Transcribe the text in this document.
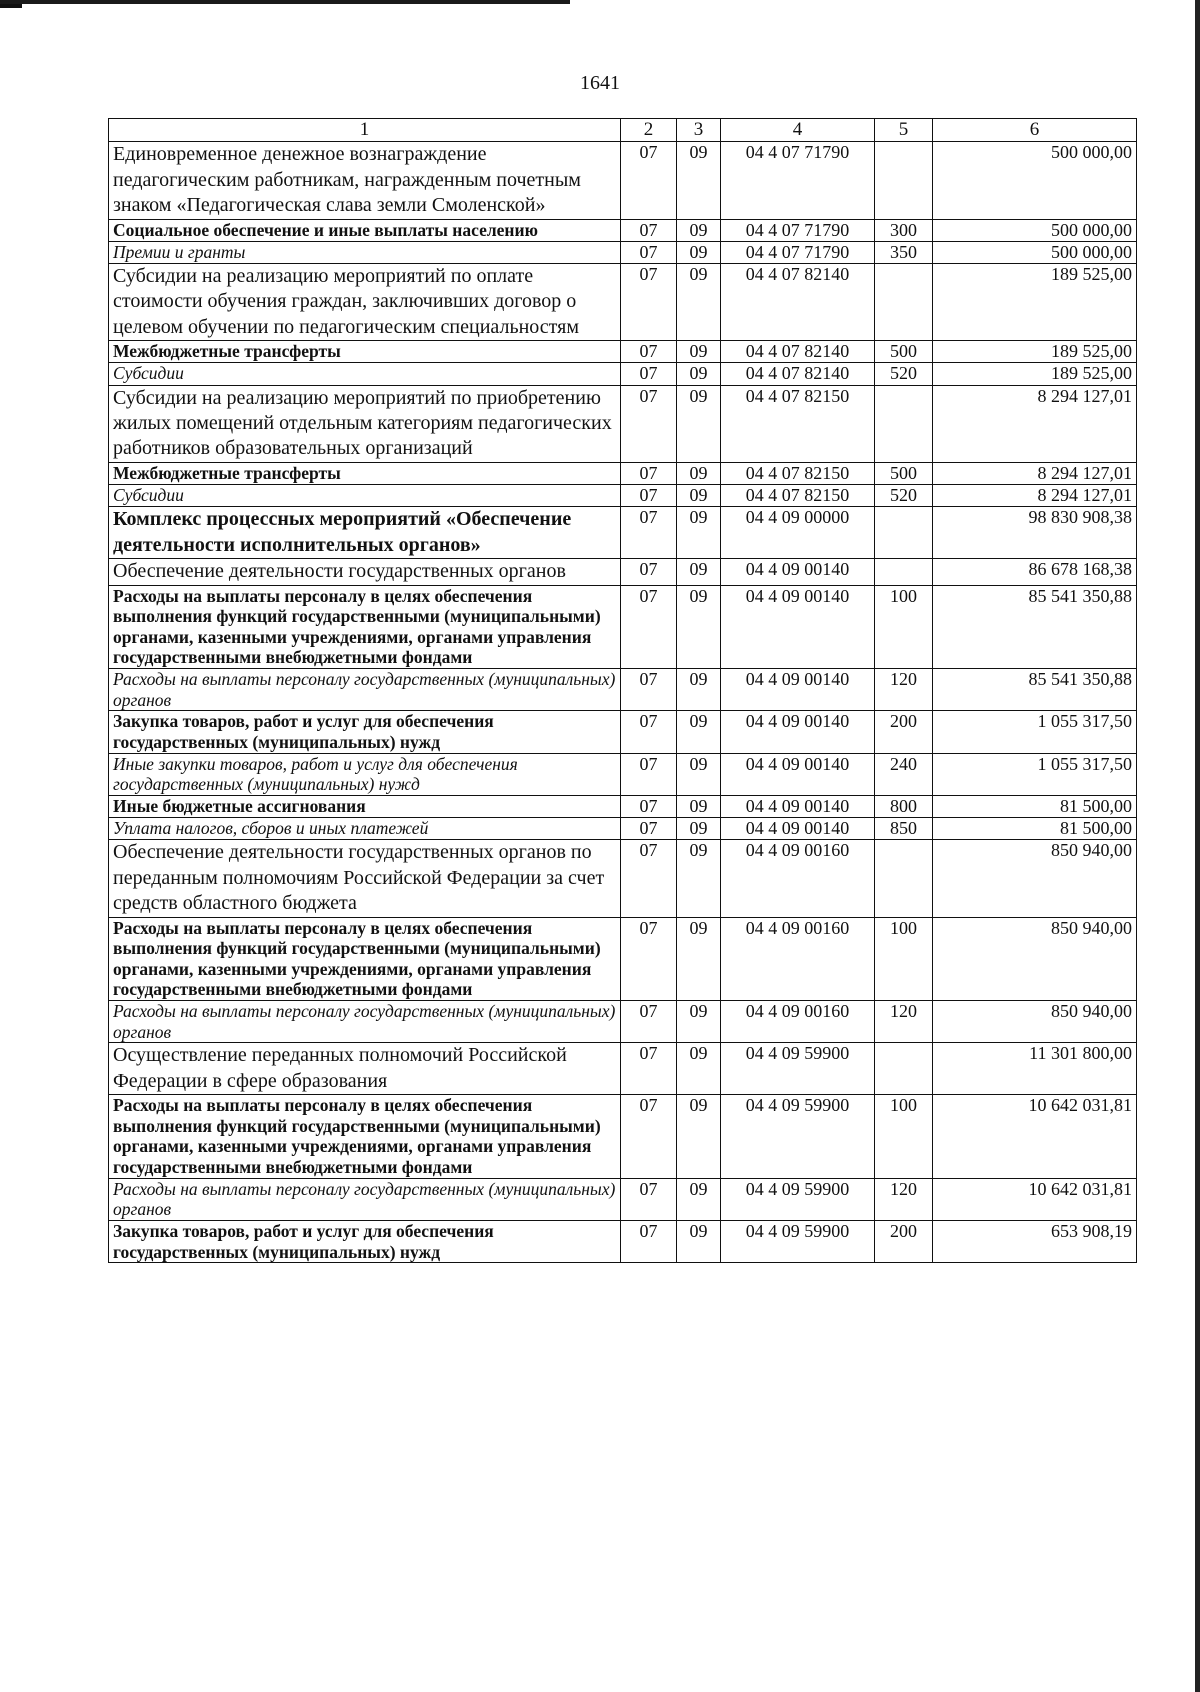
1641
1	2	3	4	5	6
Единовременное денежное вознаграждение педагогическим работникам, награжденным почетным знаком «Педагогическая слава земли Смоленской»	07	09	04 4 07 71790		500 000,00
Социальное обеспечение и иные выплаты населению	07	09	04 4 07 71790	300	500 000,00
Премии и гранты	07	09	04 4 07 71790	350	500 000,00
Субсидии на реализацию мероприятий по оплате стоимости обучения граждан, заключивших договор о целевом обучении по педагогическим специальностям	07	09	04 4 07 82140		189 525,00
Межбюджетные трансферты	07	09	04 4 07 82140	500	189 525,00
Субсидии	07	09	04 4 07 82140	520	189 525,00
Субсидии на реализацию мероприятий по приобретению жилых помещений отдельным категориям педагогических работников образовательных организаций	07	09	04 4 07 82150		8 294 127,01
Межбюджетные трансферты	07	09	04 4 07 82150	500	8 294 127,01
Субсидии	07	09	04 4 07 82150	520	8 294 127,01
Комплекс процессных мероприятий «Обеспечение деятельности исполнительных органов»	07	09	04 4 09 00000		98 830 908,38
Обеспечение деятельности государственных органов	07	09	04 4 09 00140		86 678 168,38
Расходы на выплаты персоналу в целях обеспечения выполнения функций государственными (муниципальными) органами, казенными учреждениями, органами управления государственными внебюджетными фондами	07	09	04 4 09 00140	100	85 541 350,88
Расходы на выплаты персоналу государственных (муниципальных) органов	07	09	04 4 09 00140	120	85 541 350,88
Закупка товаров, работ и услуг для обеспечения государственных (муниципальных) нужд	07	09	04 4 09 00140	200	1 055 317,50
Иные закупки товаров, работ и услуг для обеспечения государственных (муниципальных) нужд	07	09	04 4 09 00140	240	1 055 317,50
Иные бюджетные ассигнования	07	09	04 4 09 00140	800	81 500,00
Уплата налогов, сборов и иных платежей	07	09	04 4 09 00140	850	81 500,00
Обеспечение деятельности государственных органов по переданным полномочиям Российской Федерации за счет средств областного бюджета	07	09	04 4 09 00160		850 940,00
Расходы на выплаты персоналу в целях обеспечения выполнения функций государственными (муниципальными) органами, казенными учреждениями, органами управления государственными внебюджетными фондами	07	09	04 4 09 00160	100	850 940,00
Расходы на выплаты персоналу государственных (муниципальных) органов	07	09	04 4 09 00160	120	850 940,00
Осуществление переданных полномочий Российской Федерации в сфере образования	07	09	04 4 09 59900		11 301 800,00
Расходы на выплаты персоналу в целях обеспечения выполнения функций государственными (муниципальными) органами, казенными учреждениями, органами управления государственными внебюджетными фондами	07	09	04 4 09 59900	100	10 642 031,81
Расходы на выплаты персоналу государственных (муниципальных) органов	07	09	04 4 09 59900	120	10 642 031,81
Закупка товаров, работ и услуг для обеспечения государственных (муниципальных) нужд	07	09	04 4 09 59900	200	653 908,19
